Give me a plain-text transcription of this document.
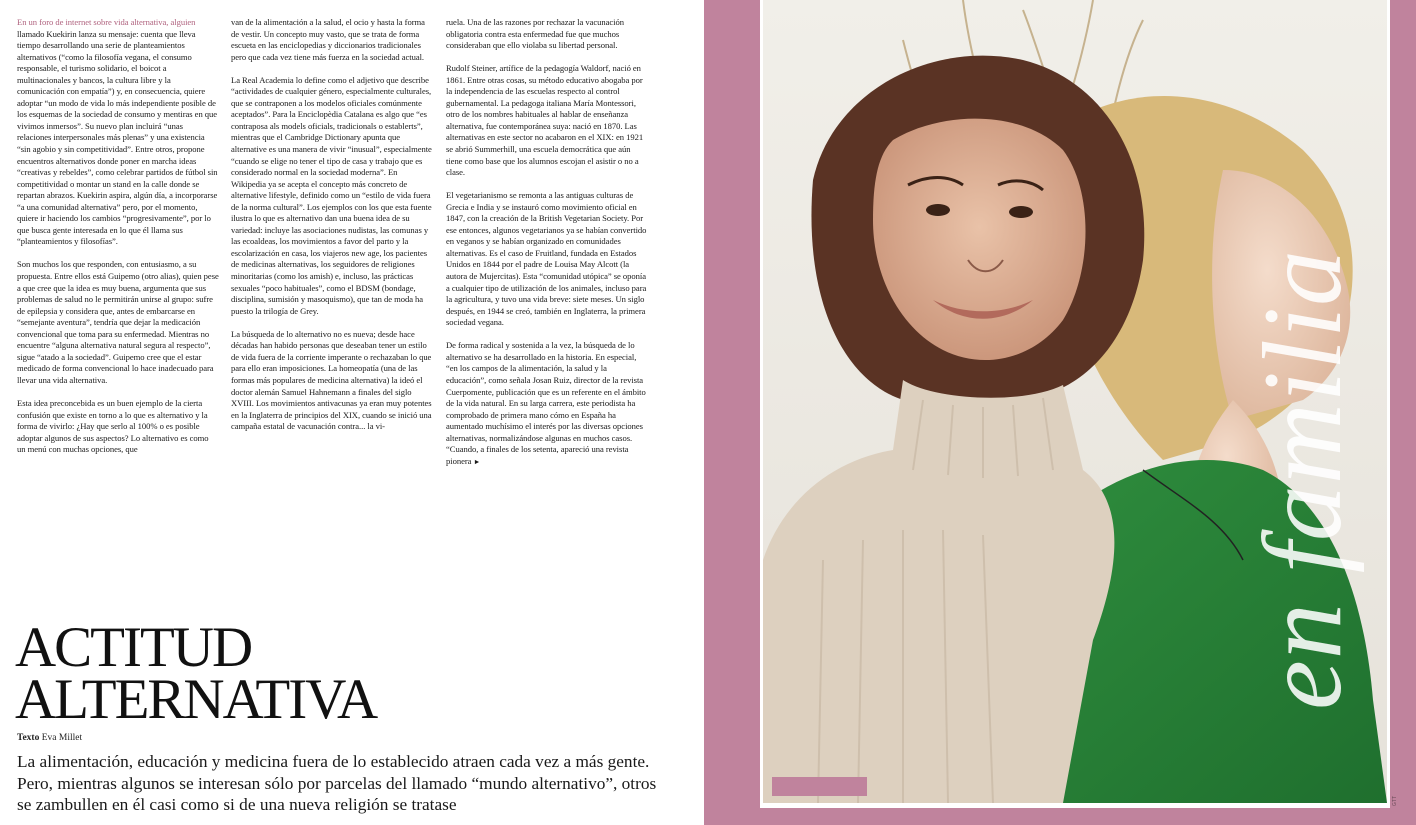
En un foro de internet sobre vida alternativa, alguien llamado Kuekirin lanza su mensaje: cuenta que lleva tiempo desarrollando una serie de planteamientos alternativos (“como la filosofía vegana, el consumo responsable, el turismo solidario, el boicot a multinacionales y bancos, la cultura libre y la comunicación con empatía”) y, en consecuencia, quiere adoptar “un modo de vida lo más independiente posible de los esquemas de la sociedad de consumo y mentiras en que vivimos inmersos”. Su nuevo plan incluirá “unas relaciones interpersonales más plenas” y una existencia “sin agobio y sin competitividad”. Entre otros, propone encuentros alternativos donde poner en marcha ideas “creativas y rebeldes”, como celebrar partidos de fútbol sin competitividad o montar un stand en la calle donde se repartan abrazos. Kuekirin aspira, algún día, a incorporarse “a una comunidad alternativa” pero, por el momento, quiere ir haciendo los cambios “progresivamente”, por lo que busca gente interesada en lo que él llama sus “planteamientos y filosofías”.

Son muchos los que responden, con entusiasmo, a su propuesta. Entre ellos está Guipemo (otro alias), quien pese a que cree que la idea es muy buena, argumenta que sus problemas de salud no le permitirán unirse al grupo: sufre de epilepsia y considera que, antes de embarcarse en “semejante aventura”, tendría que dejar la medicación convencional que toma para su enfermedad. Mientras no encuentre “alguna alternativa natural segura al respecto”, sigue “atado a la sociedad”. Guipemo cree que el estar medicado de forma convencional lo hace inadecuado para llevar una vida alternativa.

Esta idea preconcebida es un buen ejemplo de la cierta confusión que existe en torno a lo que es alternativo y la forma de vivirlo: ¿Hay que serlo al 100% o es posible adoptar algunos de sus aspectos? Lo alternativo es como un menú con muchas opciones, que

van de la alimentación a la salud, el ocio y hasta la forma de vestir. Un concepto muy vasto, que se trata de forma escueta en las enciclopedias y diccionarios tradicionales pero que cada vez tiene más fuerza en la sociedad actual.

La Real Academia lo define como el adjetivo que describe “actividades de cualquier género, especialmente culturales, que se contraponen a los modelos oficiales comúnmente aceptados”. Para la Enciclopèdia Catalana es algo que “es contraposa als models oficials, tradicionals o establerts”, mientras que el Cambridge Dictionary apunta que alternative es una manera de vivir “inusual”, especialmente “cuando se elige no tener el tipo de casa y trabajo que es considerado normal en la sociedad moderna”. En Wikipedia ya se acepta el concepto más concreto de alternative lifestyle, definido como un “estilo de vida fuera de la norma cultural”. Los ejemplos con los que esta fuente ilustra lo que es alternativo dan una buena idea de su variedad: incluye las asociaciones nudistas, las comunas y las ecoaldeas, los movimientos a favor del parto y la escolarización en casa, los viajeros new age, los pacientes de medicinas alternativas, los seguidores de religiones minoritarias (como los amish) e, incluso, las prácticas sexuales “poco habituales”, como el BDSM (bondage, disciplina, sumisión y masoquismo), que tan de moda ha puesto la trilogía de Grey.

La búsqueda de lo alternativo no es nueva; desde hace décadas han habido personas que deseaban tener un estilo de vida fuera de la corriente imperante o rechazaban lo que para ello eran imposiciones. La homeopatía (una de las formas más populares de medicina alternativa) la ideó el doctor alemán Samuel Hahnemann a finales del siglo XVIII. Los movimientos antivacunas ya eran muy potentes en la Inglaterra de principios del XIX, cuando se inició una campaña estatal de vacunación contra... la vi-

ruela. Una de las razones por rechazar la vacunación obligatoria contra esta enfermedad fue que muchos consideraban que ello violaba su libertad personal.

Rudolf Steiner, artífice de la pedagogía Waldorf, nació en 1861. Entre otras cosas, su método educativo abogaba por la independencia de las escuelas respecto al control gubernamental. La pedagoga italiana María Montessori, otro de los nombres habituales al hablar de enseñanza alternativa, fue contemporánea suya: nació en 1870. Las alternativas en este sector no acabaron en el XIX: en 1921 se abrió Summerhill, una escuela democrática que aún tiene como base que los alumnos escojan el asistir o no a clase.

El vegetarianismo se remonta a las antiguas culturas de Grecia e India y se instauró como movimiento oficial en 1847, con la creación de la British Vegetarian Society. Por ese entonces, algunos vegetarianos ya se habían convertido en veganos y se habían organizado en comunidades alternativas. Es el caso de Fruitland, fundada en Estados Unidos en 1844 por el padre de Louisa May Alcott (la autora de Mujercitas). Esta “comunidad utópica” se oponía a cualquier tipo de utilización de los animales, incluso para la agricultura, y tuvo una vida breve: siete meses. Un siglo después, en 1944 se creó, también en Inglaterra, la primera sociedad vegana.

De forma radical y sostenida a la vez, la búsqueda de lo alternativo se ha desarrollado en la historia. En especial, “en los campos de la alimentación, la salud y la educación”, como señala Josan Ruiz, director de la revista Cuerpomente, publicación que es un referente en el ámbito de la vida natural. En su larga carrera, este periodista ha comprobado de primera mano cómo en España ha aumentado muchísimo el interés por las diversas opciones alternativas, normalizándose algunas en muchos casos. “Cuando, a finales de los setenta, apareció una revista pionera ►

ACTITUD
ALTERNATIVA
Texto Eva Millet
La alimentación, educación y medicina fuera de lo establecido atraen cada vez a más gente. Pero, mientras algunos se interesan sólo por parcelas del llamado “mundo alternativo”, otros se zambullen en él casi como si de una nueva religión se tratase
en familia
GTT
